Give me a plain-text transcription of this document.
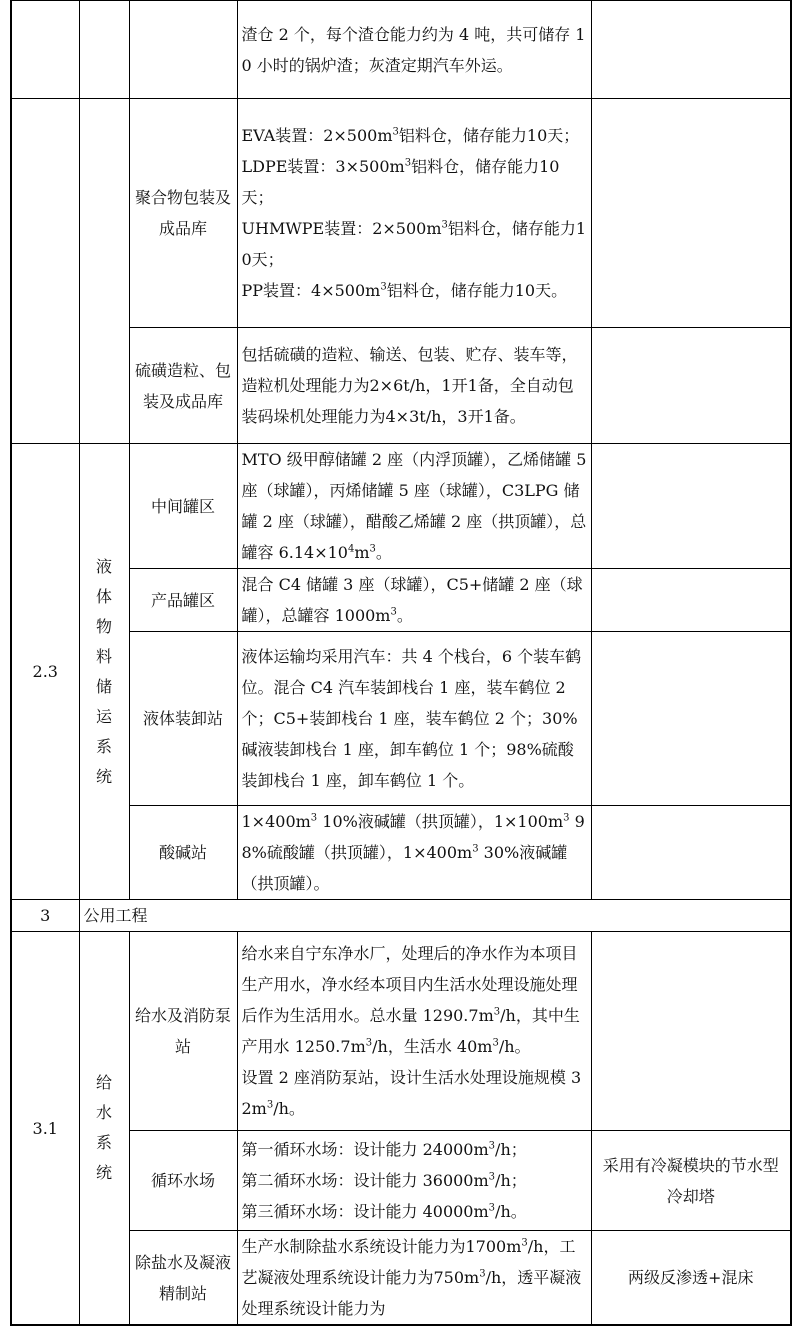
			渣仓 2 个，每个渣仓能力约为 4 吨，共可储存 10 小时的锅炉渣；灰渣定期汽车外运。	
		聚合物包装及成品库	EVA装置：$2\times 500m^3$铝料仓，储存能力10天；
LDPE装置：$3\times 500m^3$铝料仓，储存能力10天；
UHMWPE装置：$2\times 500m^3$铝料仓，储存能力10天；
PP装置：$4\times 500m^3$铝料仓，储存能力10天。	
		硫磺造粒、包装及成品库	包括硫磺的造粒、输送、包装、贮存、装车等，造粒机处理能力为2×6t/h，1开1备，全自动包装码垛机处理能力为4×3t/h，3开1备。	
2.3	液体物料储运系统	中间罐区	MTO 级甲醇储罐 2 座（内浮顶罐），乙烯储罐 5 座（球罐），丙烯储罐 5 座（球罐），C3LPG 储罐 2 座（球罐），醋酸乙烯罐 2 座（拱顶罐），总罐容 $6.14\times 10^4m^3$。	
		产品罐区	混合 C4 储罐 3 座（球罐），C5+储罐 2 座（球罐），总罐容 $1000m^3$。	
		液体装卸站	液体运输均采用汽车：共 4 个栈台，6 个装车鹤位。混合 C4 汽车装卸栈台 1 座，装车鹤位 2 个；C5+装卸栈台 1 座，装车鹤位 2 个；30%碱液装卸栈台 1 座，卸车鹤位 1 个；98%硫酸装卸栈台 1 座，卸车鹤位 1 个。	
		酸碱站	$1\times 400m^3$ 10%液碱罐（拱顶罐），$1\times 100m^3$ 98%硫酸罐（拱顶罐），$1\times 400m^3$ 30%液碱罐（拱顶罐）。	
3	公用工程			
3.1	给水系统	给水及消防泵站	给水来自宁东净水厂，处理后的净水作为本项目生产用水，净水经本项目内生活水处理设施处理后作为生活用水。总水量 $1290.7m^3/h$，其中生产用水 $1250.7m^3/h$，生活水 $40m^3/h$。
设置 2 座消防泵站，设计生活水处理设施规模 $32m^3/h$。	
		循环水场	第一循环水场：设计能力 $24000m^3/h$；
第二循环水场：设计能力 $36000m^3/h$；
第三循环水场：设计能力 $40000m^3/h$。	采用有冷凝模块的节水型冷却塔
		除盐水及凝液精制站	生产水制除盐水系统设计能力为$1700m^3/h$，工艺凝液处理系统设计能力为$750m^3/h$，透平凝液处理系统设计能力为	两级反渗透+混床
